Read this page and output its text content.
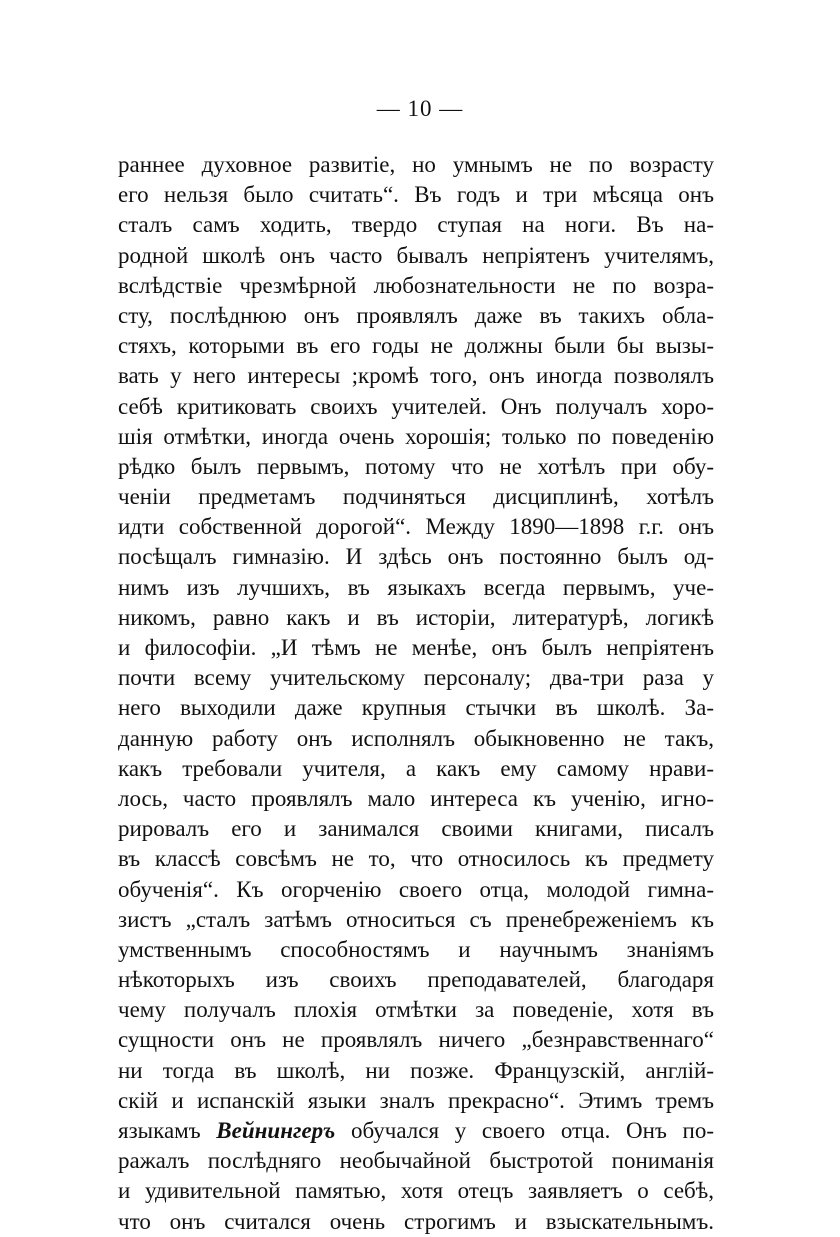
— 10 —
раннее духовное развитіе, но умнымъ не по возрасту
его нельзя было считать“. Въ годъ и три мѣсяца онъ
сталъ самъ ходить, твердо ступая на ноги. Въ на-
родной школѣ онъ часто бывалъ непріятенъ учителямъ,
вслѣдствіе чрезмѣрной любознательности не по возра-
сту, послѣднюю онъ проявлялъ даже въ такихъ обла-
стяхъ, которыми въ его годы не должны были бы вызы-
вать у него интересы ;кромѣ того, онъ иногда позволялъ
себѣ критиковать своихъ учителей. Онъ получалъ хоро-
шія отмѣтки, иногда очень хорошія; только по поведенію
рѣдко былъ первымъ, потому что не хотѣлъ при обу-
ченіи предметамъ подчиняться дисциплинѣ, хотѣлъ
идти собственной дорогой“. Между 1890—1898 г.г. онъ
посѣщалъ гимназію. И здѣсь онъ постоянно былъ од-
нимъ изъ лучшихъ, въ языкахъ всегда первымъ, уче-
никомъ, равно какъ и въ исторіи, литературѣ, логикѣ
и философіи. „И тѣмъ не менѣе, онъ былъ непріятенъ
почти всему учительскому персоналу; два-три раза у
него выходили даже крупныя стычки въ школѣ. За-
данную работу онъ исполнялъ обыкновенно не такъ,
какъ требовали учителя, а какъ ему самому нрави-
лось, часто проявлялъ мало интереса къ ученію, игно-
рировалъ его и занимался своими книгами, писалъ
въ классѣ совсѣмъ не то, что относилось къ предмету
обученія“. Къ огорченію своего отца, молодой гимна-
зистъ „сталъ затѣмъ относиться съ пренебреженіемъ къ
умственнымъ способностямъ и научнымъ знаніямъ
нѣкоторыхъ изъ своихъ преподавателей, благодаря
чему получалъ плохія отмѣтки за поведеніе, хотя въ
сущности онъ не проявлялъ ничего „безнравственнаго“
ни тогда въ школѣ, ни позже. Французскій, англій-
скій и испанскій языки зналъ прекрасно“. Этимъ тремъ
языкамъ Вейнингеръ обучался у своего отца. Онъ по-
ражалъ послѣдняго необычайной быстротой пониманія
и удивительной памятью, хотя отецъ заявляетъ о себѣ,
что онъ считался очень строгимъ и взыскательнымъ.
